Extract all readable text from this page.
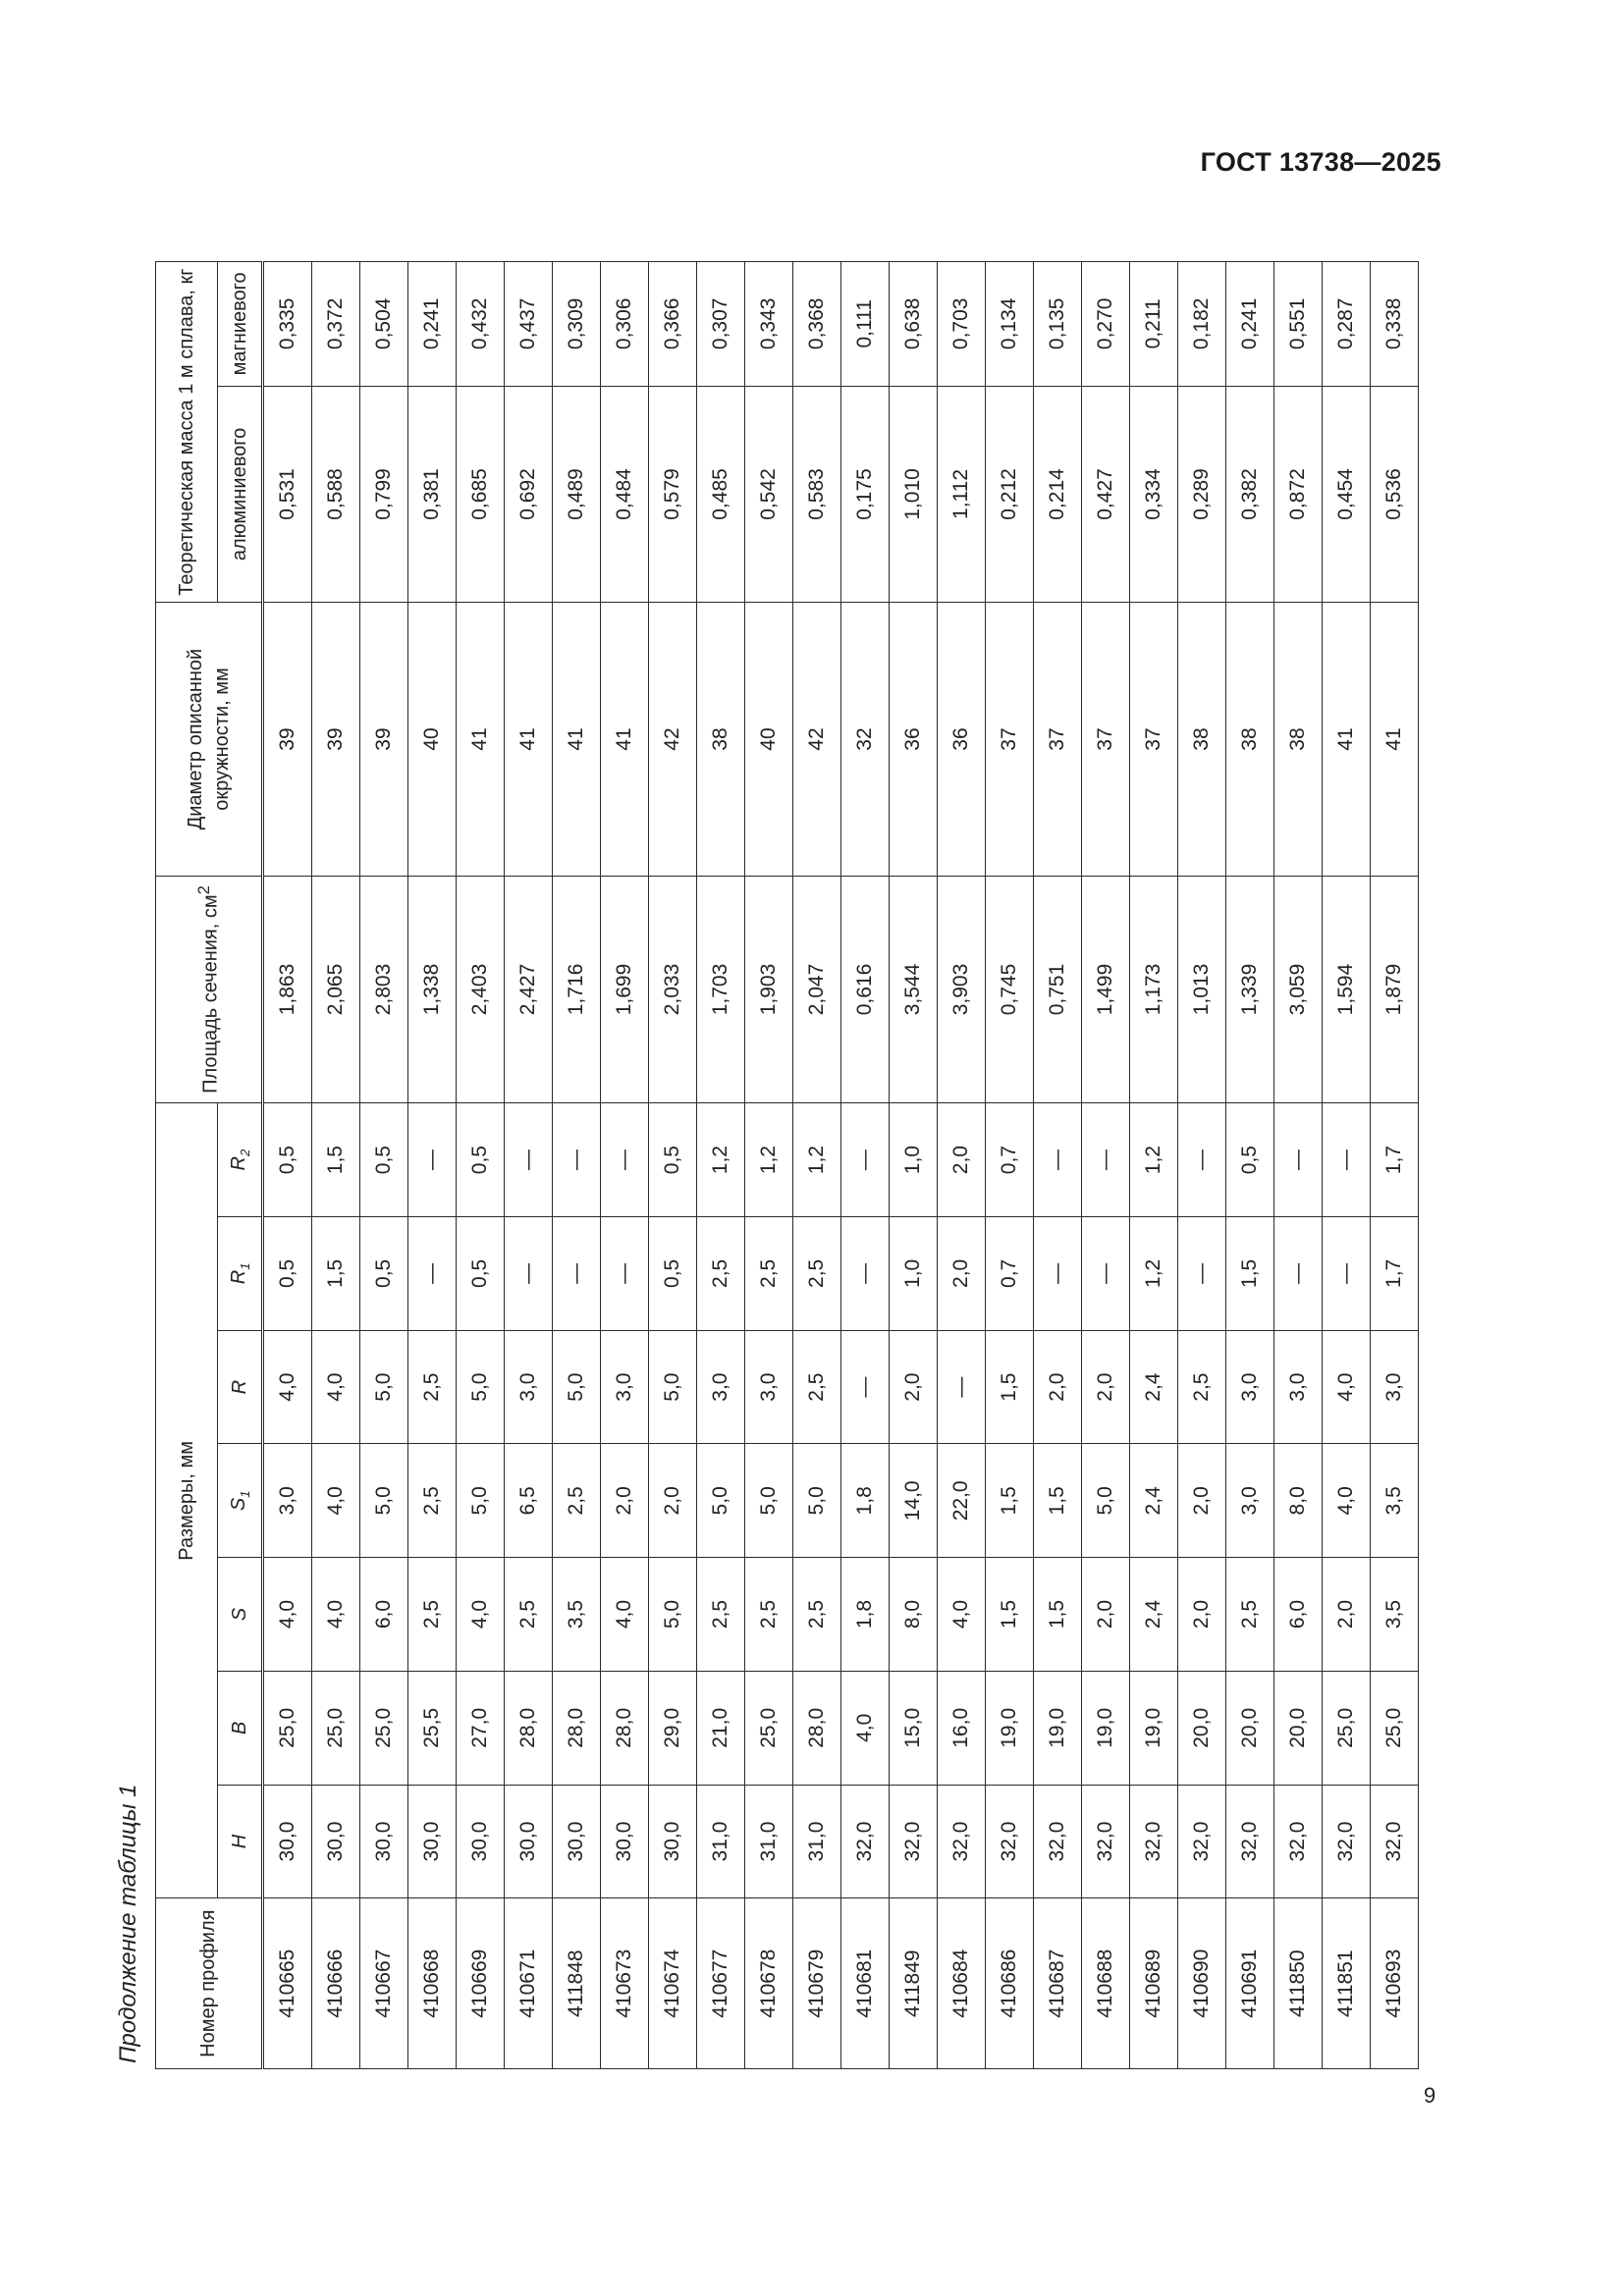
ГОСТ 13738—2025
Продолжение таблицы 1	Номер профиля	Размеры, мм							Площадь сечения, $см^2$	Диаметр описанной окружности, мм	Теоретическая масса 1 м сплава, кг	
	H	B	S	$S_1$	R	$R_1$	$R_2$			алюминиевого	магниевого
410665	30,0	25,0	4,0	3,0	4,0	0,5	0,5	1,863	39	0,531	0,335
410666	30,0	25,0	4,0	4,0	4,0	1,5	1,5	2,065	39	0,588	0,372
410667	30,0	25,0	6,0	5,0	5,0	0,5	0,5	2,803	39	0,799	0,504
410668	30,0	25,5	2,5	2,5	2,5	—	—	1,338	40	0,381	0,241
410669	30,0	27,0	4,0	5,0	5,0	0,5	0,5	2,403	41	0,685	0,432
410671	30,0	28,0	2,5	6,5	3,0	—	—	2,427	41	0,692	0,437
411848	30,0	28,0	3,5	2,5	5,0	—	—	1,716	41	0,489	0,309
410673	30,0	28,0	4,0	2,0	3,0	—	—	1,699	41	0,484	0,306
410674	30,0	29,0	5,0	2,0	5,0	0,5	0,5	2,033	42	0,579	0,366
410677	31,0	21,0	2,5	5,0	3,0	2,5	1,2	1,703	38	0,485	0,307
410678	31,0	25,0	2,5	5,0	3,0	2,5	1,2	1,903	40	0,542	0,343
410679	31,0	28,0	2,5	5,0	2,5	2,5	1,2	2,047	42	0,583	0,368
410681	32,0	4,0	1,8	1,8	—	—	—	0,616	32	0,175	0,111
411849	32,0	15,0	8,0	14,0	2,0	1,0	1,0	3,544	36	1,010	0,638
410684	32,0	16,0	4,0	22,0	—	2,0	2,0	3,903	36	1,112	0,703
410686	32,0	19,0	1,5	1,5	1,5	0,7	0,7	0,745	37	0,212	0,134
410687	32,0	19,0	1,5	1,5	2,0	—	—	0,751	37	0,214	0,135
410688	32,0	19,0	2,0	5,0	2,0	—	—	1,499	37	0,427	0,270
410689	32,0	19,0	2,4	2,4	2,4	1,2	1,2	1,173	37	0,334	0,211
410690	32,0	20,0	2,0	2,0	2,5	—	—	1,013	38	0,289	0,182
410691	32,0	20,0	2,5	3,0	3,0	1,5	0,5	1,339	38	0,382	0,241
411850	32,0	20,0	6,0	8,0	3,0	—	—	3,059	38	0,872	0,551
411851	32,0	25,0	2,0	4,0	4,0	—	—	1,594	41	0,454	0,287
410693	32,0	25,0	3,5	3,5	3,0	1,7	1,7	1,879	41	0,536	0,338
9
